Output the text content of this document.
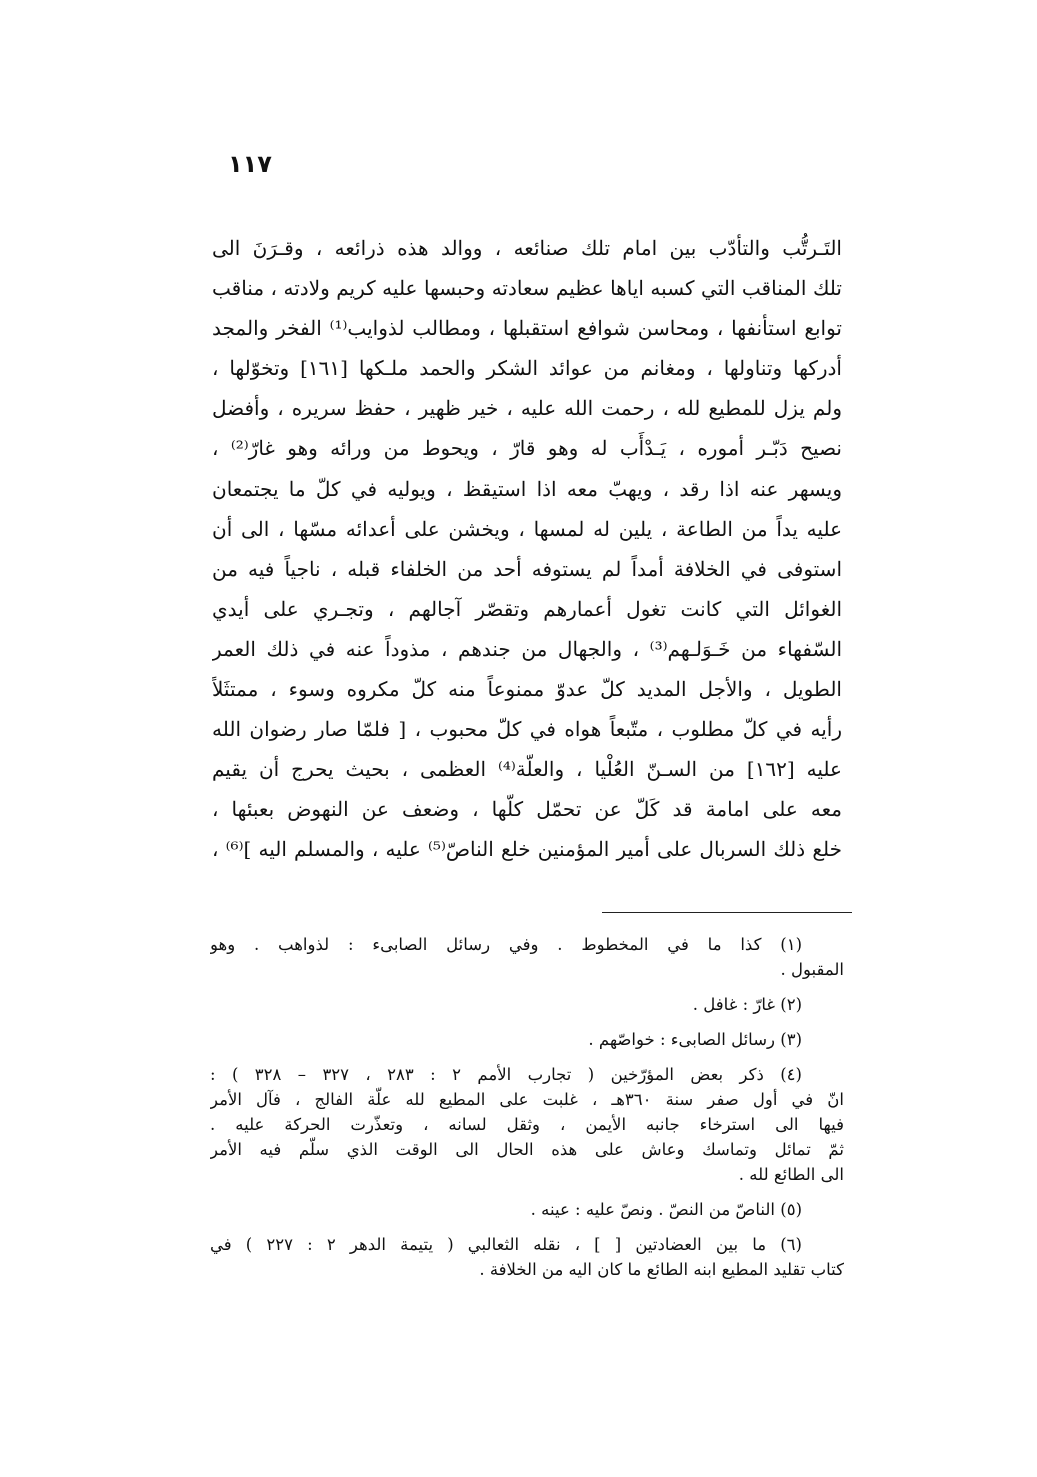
١١٧
التَـرتُّب والتأدّب بين امام تلك صنائعه ، ووالد هذه ذرائعه ، وقـرَنَ الى
تلك المناقب التي كسبه اياها عظيم سعادته وحبسها عليه كريم ولادته ، مناقب
توابع استأنفها ، ومحاسن شوافع استقبلها ، ومطالب لذوايب⁽¹⁾ الفخر والمجد
أدركها وتناولها ، ومغانم من عوائد الشكر والحمد ملـكها [١٦١] وتخوّلها ،
ولم يزل للمطيع لله ، رحمت الله عليه ، خير ظهير ، حفظ سريره ، وأفضل
نصيح دَبّـر أموره ، يَـدْأَب له وهو قارّ ، ويحوط من ورائه وهو غارّ⁽²⁾ ،
ويسهر عنه اذا رقد ، ويهبّ معه اذا استيقظ ، ويوليه في كلّ ما يجتمعان
عليه يداً من الطاعة ، يلين له لمسها ، ويخشن على أعدائه مسّها ، الى أن
استوفى في الخلافة أمداً لم يستوفه أحد من الخلفاء قبله ، ناجياً فيه من
الغوائل التي كانت تغول أعمارهم وتقصّر آجالهم ، وتجـري على أيدي
السّفهاء من خَـوَلـهم⁽³⁾ ، والجهال من جندهم ، مذوداً عنه في ذلك العمر
الطويل ، والأجل المديد كلّ عدوّ ممنوعاً منه كلّ مكروه وسوء ، ممتثَلاً
رأيه في كلّ مطلوب ، متّبعاً هواه في كلّ محبوب ، [ فلمّا صار رضوان الله
عليه [١٦٢] من السـنّ العُلْيا ، والعلّة⁽⁴⁾ العظمى ، بحيث يحرج أن يقيم
معه على امامة قد كَلّ عن تحمّل كلّها ، وضعف عن النهوض بعبئها ،
خلع ذلك السربال على أمير المؤمنين خلع الناصّ⁽⁵⁾ عليه ، والمسلم اليه ]⁽⁶⁾ ،
(١) كذا ما في المخطوط . وفي رسائل الصابىء : لذواهب . وهو
المقبول .
(٢) غارّ : غافل .
(٣) رسائل الصابىء : خواصّهم .
(٤) ذكر بعض المؤرّخين ( تجارب الأمم ٢ : ٢٨٣ ، ٣٢٧ – ٣٢٨ ) :
انّ في أول صفر سنة ٣٦٠هـ ، غلبت على المطيع لله علّة الفالج ، فآل الأمر
فيها الى استرخاء جانبه الأيمن ، وثقل لسانه ، وتعذّرت الحركة عليه .
ثمّ تمائل وتماسك وعاش على هذه الحال الى الوقت الذي سلّم فيه الأمر
الى الطائع لله .
(٥) الناصّ من النصّ . ونصّ عليه : عينه .
(٦) ما بين العضادتين [ ] ، نقله الثعالبي ( يتيمة الدهر ٢ : ٢٢٧ ) في
كتاب تقليد المطيع ابنه الطائع ما كان اليه من الخلافة .
